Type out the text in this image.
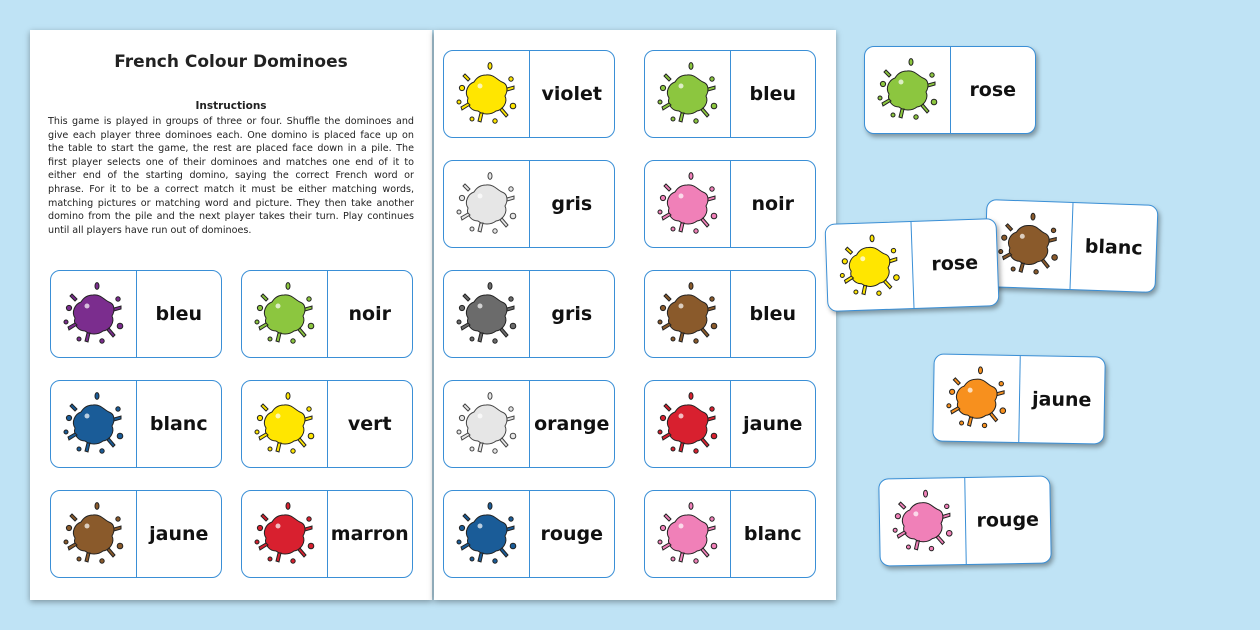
French Colour Dominoes
Instructions
This game is played in groups of three or four. Shuffle the dominoes and give each player three dominoes each. One domino is placed face up on the table to start the game, the rest are placed face down in a pile. The first player selects one of their dominoes and matches one end of it to either end of the starting domino, saying the correct French word or phrase. For it to be a correct match it must be either matching words, matching pictures or matching word and picture. They then take another domino from the pile and the next player takes their turn. Play continues until all players have run out of dominoes.
bleu	noir
blanc	vert
jaune	marron
violet	bleu
gris	noir
gris	bleu
orange	jaune
rouge	blanc
rose
blanc
rose
jaune
rouge
